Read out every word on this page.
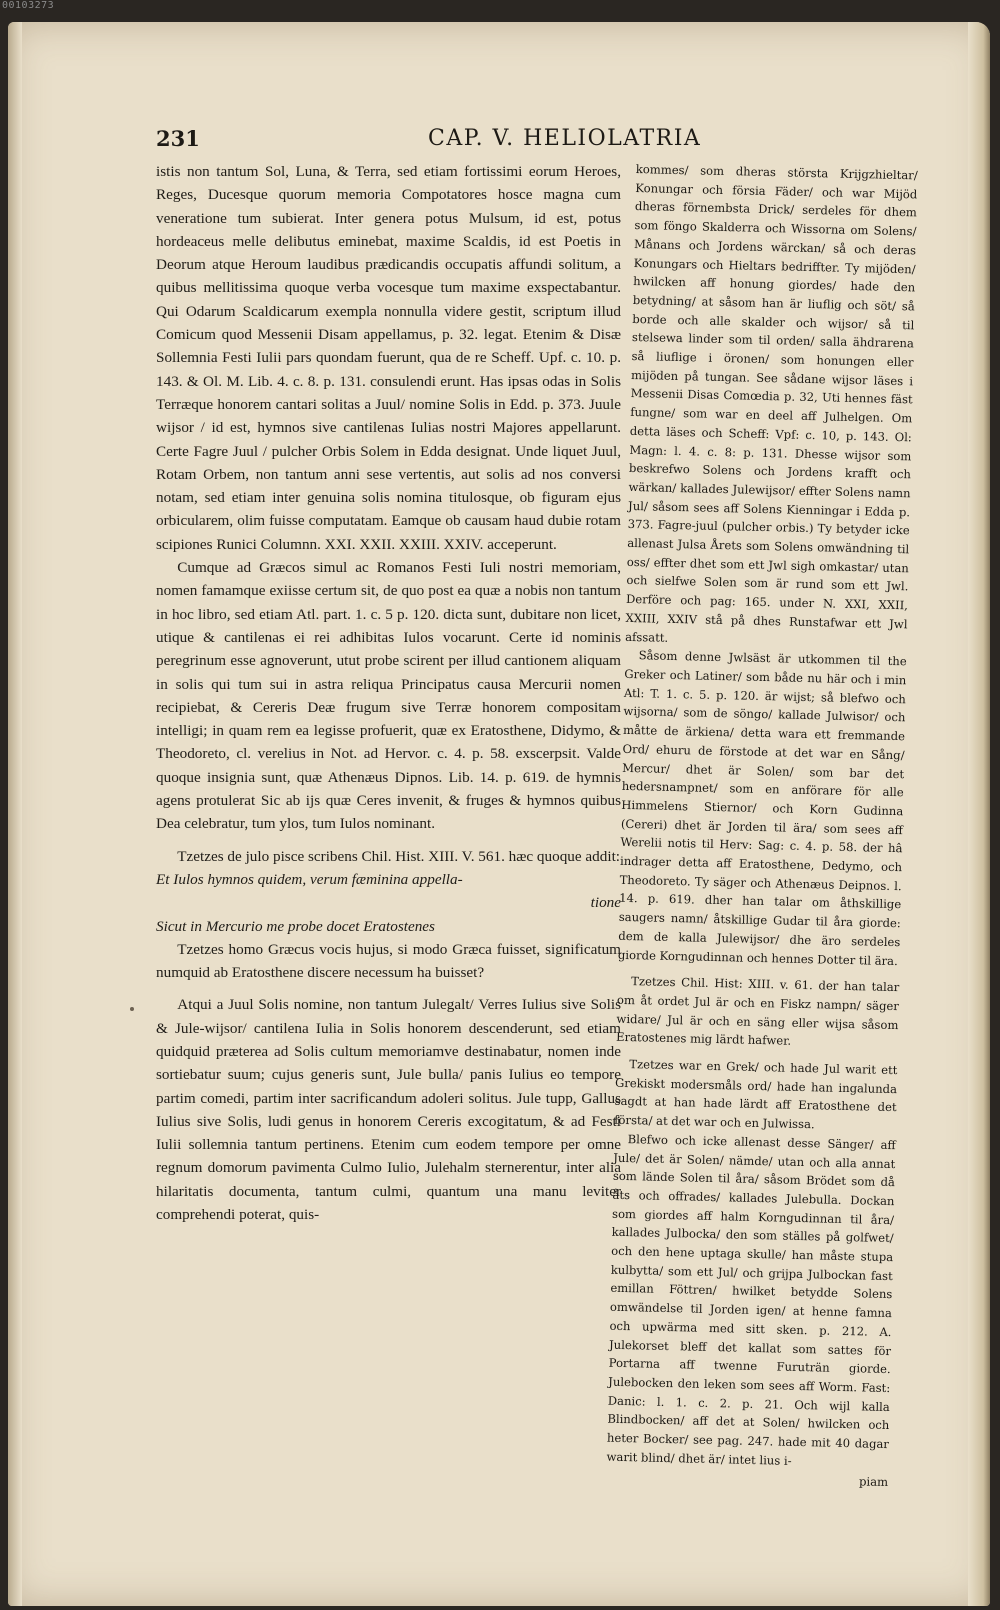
00103273
231	CAP. V. HELIOLATRIA

istis non tantum Sol, Luna, & Terra, sed etiam fortissimi eorum Heroes, Reges, Ducesque quorum memoria Compotatores hosce magna cum veneratione tum subierat. Inter genera potus Mulsum, id est, potus hordeaceus melle delibutus eminebat, maxime Scaldis, id est Poetis in Deorum atque Heroum laudibus prædicandis occupatis affundi solitum, a quibus mellitissima quoque verba vocesque tum maxime exspectabantur. Qui Odarum Scaldicarum exempla nonnulla videre gestit, scriptum illud Comicum quod Messenii Disam appellamus, p. 32. legat. Etenim & Disæ Sollemnia Festi Iulii pars quondam fuerunt, qua de re Scheff. Upf. c. 10. p. 143. & Ol. M. Lib. 4. c. 8. p. 131. consulendi erunt. Has ipsas odas in Solis Terræque honorem cantari solitas a Juul/ nomine Solis in Edd. p. 373. Juule wijsor / id est, hymnos sive cantilenas Iulias nostri Majores appellarunt. Certe Fagre Juul / pulcher Orbis Solem in Edda designat. Unde liquet Juul, Rotam Orbem, non tantum anni sese vertentis, aut solis ad nos conversi notam, sed etiam inter genuina solis nomina titulosque, ob figuram ejus orbicularem, olim fuisse computatam. Eamque ob causam haud dubie rotam scipiones Runici Columnn. XXI. XXII. XXIII. XXIV. acceperunt.

Cumque ad Græcos simul ac Romanos Festi Iuli nostri memoriam, nomen famamque exiisse certum sit, de quo post ea quæ a nobis non tantum in hoc libro, sed etiam Atl. part. 1. c. 5 p. 120. dicta sunt, dubitare non licet, utique & cantilenas ei rei adhibitas Iulos vocarunt. Certe id nominis peregrinum esse agnoverunt, utut probe scirent per illud cantionem aliquam in solis qui tum sui in astra reliqua Principatus causa Mercurii nomen recipiebat, & Cereris Deæ frugum sive Terræ honorem compositam intelligi; in quam rem ea legisse profuerit, quæ ex Eratosthene, Didymo, & Theodoreto, cl. verelius in Not. ad Hervor. c. 4. p. 58. exscerpsit. Valde quoque insignia sunt, quæ Athenæus Dipnos. Lib. 14. p. 619. de hymnis agens protulerat Sic ab ijs quæ Ceres invenit, & fruges & hymnos quibus Dea celebratur, tum ylos, tum Iulos nominant.

Tzetzes de julo pisce scribens Chil. Hist. XIII. V. 561. hæc quoque addit:

Et Iulos hymnos quidem, verum fæminina appella-

tione

Sicut in Mercurio me probe docet Eratostenes

Tzetzes homo Græcus vocis hujus, si modo Græca fuisset, significatum numquid ab Eratosthene discere necessum ha buisset?

Atqui a Juul Solis nomine, non tantum Julegalt/ Verres Iulius sive Solis & Jule-wijsor/ cantilena Iulia in Solis honorem descenderunt, sed etiam quidquid præterea ad Solis cultum memoriamve destinabatur, nomen inde sortiebatur suum; cujus generis sunt, Jule bulla/ panis Iulius eo tempore partim comedi, partim inter sacrificandum adoleri solitus. Jule tupp, Gallus Iulius sive Solis, ludi genus in honorem Cereris excogitatum, & ad Festi Iulii sollemnia tantum pertinens. Etenim cum eodem tempore per omne regnum domorum pavimenta Culmo Iulio, Julehalm sternerentur, inter alia hilaritatis documenta, tantum culmi, quantum una manu leviter comprehendi poterat, quis-

kommes/ som dheras största Krijgzhieltar/ Konungar och försia Fäder/ och war Mijöd dheras förnembsta Drick/ serdeles för dhem som föngo Skalderra och Wissorna om Solens/ Månans och Jordens wärckan/ så och deras Konungars och Hieltars bedriffter. Ty mijöden/ hwilcken aff honung giordes/ hade den betydning/ at såsom han är liuflig och söt/ så borde och alle skalder och wijsor/ så til stelsewa linder som til orden/ salla ähdrarena så liuflige i öronen/ som honungen eller mijöden på tungan. See sådane wijsor läses i Messenii Disas Comœdia p. 32, Uti hennes fäst fungne/ som war en deel aff Julhelgen. Om detta läses och Scheff: Vpf: c. 10, p. 143. Ol: Magn: l. 4. c. 8: p. 131. Dhesse wijsor som beskrefwo Solens och Jordens krafft och wärkan/ kallades Julewijsor/ effter Solens namn Jul/ såsom sees aff Solens Kienningar i Edda p. 373. Fagre-juul (pulcher orbis.) Ty betyder icke allenast Julsa Årets som Solens omwändning til oss/ effter dhet som ett Jwl sigh omkastar/ utan och sielfwe Solen som är rund som ett Jwl. Derföre och pag: 165. under N. XXI, XXII, XXIII, XXIV stå på dhes Runstafwar ett Jwl afssatt.

Såsom denne Jwlsäst är utkommen til the Greker och Latiner/ som både nu här och i min Atl: T. 1. c. 5. p. 120. är wijst; så blefwo och wijsorna/ som de söngo/ kallade Julwisor/ och måtte de ärkiena/ detta wara ett fremmande Ord/ ehuru de förstode at det war en Sång/ Mercur/ dhet är Solen/ som bar det hedersnampnet/ som en anförare för alle Himmelens Stiernor/ och Korn Gudinna (Cereri) dhet är Jorden til ära/ som sees aff Werelii notis til Herv: Sag: c. 4. p. 58. der hâ indrager detta aff Eratosthene, Dedymo, och Theodoreto. Ty säger och Athenæus Deipnos. l. 14. p. 619. dher han talar om åthskillige saugers namn/ åtskillige Gudar til åra giorde: dem de kalla Julewijsor/ dhe äro serdeles giorde Korngudinnan och hennes Dotter til ära.

Tzetzes Chil. Hist: XIII. v. 61. der han talar om åt ordet Jul är och en Fiskz nampn/ säger widare/ Jul är och en säng eller wijsa såsom Eratostenes mig lärdt hafwer.

Tzetzes war en Grek/ och hade Jul warit ett Grekiskt modersmåls ord/ hade han ingalunda sagdt at han hade lärdt aff Eratosthene det första/ at det war och en Julwissa.

Blefwo och icke allenast desse Sänger/ aff Jule/ det är Solen/ nämde/ utan och alla annat som lände Solen til åra/ såsom Brödet som då åts och offrades/ kallades Julebulla. Dockan som giordes aff halm Korngudinnan til åra/ kallades Julbocka/ den som ställes på golfwet/ och den hene uptaga skulle/ han måste stupa kulbytta/ som ett Jul/ och grijpa Julbockan fast emillan Föttren/ hwilket betydde Solens omwändelse til Jorden igen/ at henne famna och upwärma med sitt sken. p. 212. A. Julekorset bleff det kallat som sattes för Portarna aff twenne Furuträn giorde. Julebocken den leken som sees aff Worm. Fast: Danic: l. 1. c. 2. p. 21. Och wijl kalla Blindbocken/ aff det at Solen/ hwilcken och heter Bocker/ see pag. 247. hade mit 40 dagar warit blind/ dhet är/ intet lius i-

piam
